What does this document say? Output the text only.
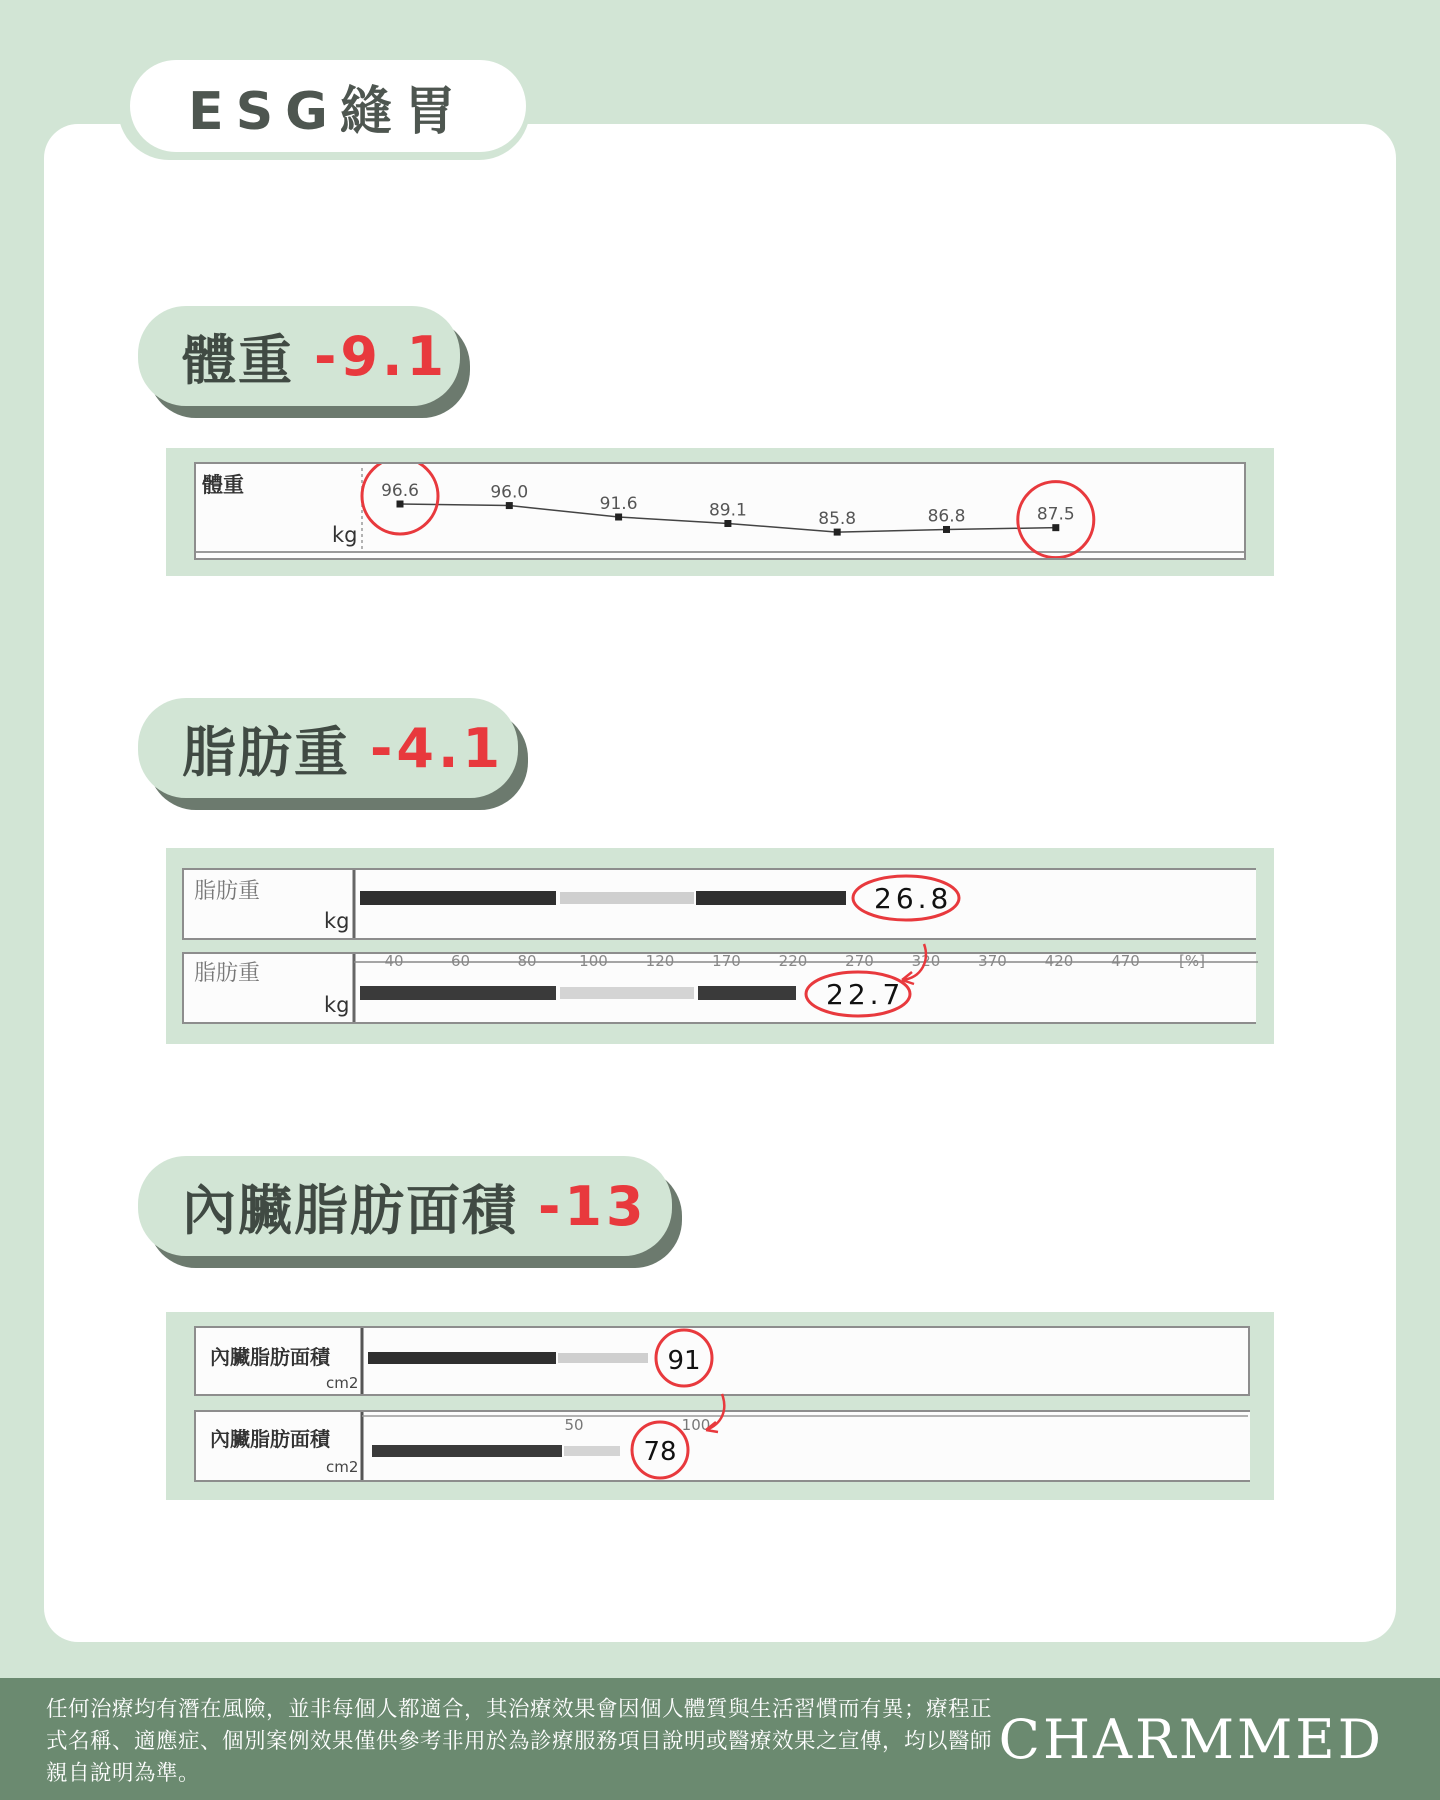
ESG縫胃
體重 -9.1
體重
kg
96.6	96.0
91.6	89.1	85.8	86.8	87.5
脂肪重 -4.1
脂肪重
kg
26.8
脂肪重
kg
40	60	80	100	120	170	220	270	320	370	420	470	[%]
22.7
內臟脂肪面積 -13
內臟脂肪面積
cm2
91
內臟脂肪面積
cm2
50	100
78
任何治療均有潛在風險，並非每個人都適合，其治療效果會因個人體質與生活習慣而有異；療程正式名稱、適應症、個別案例效果僅供參考非用於為診療服務項目說明或醫療效果之宣傳，均以醫師親自說明為準。
CHARMMED
